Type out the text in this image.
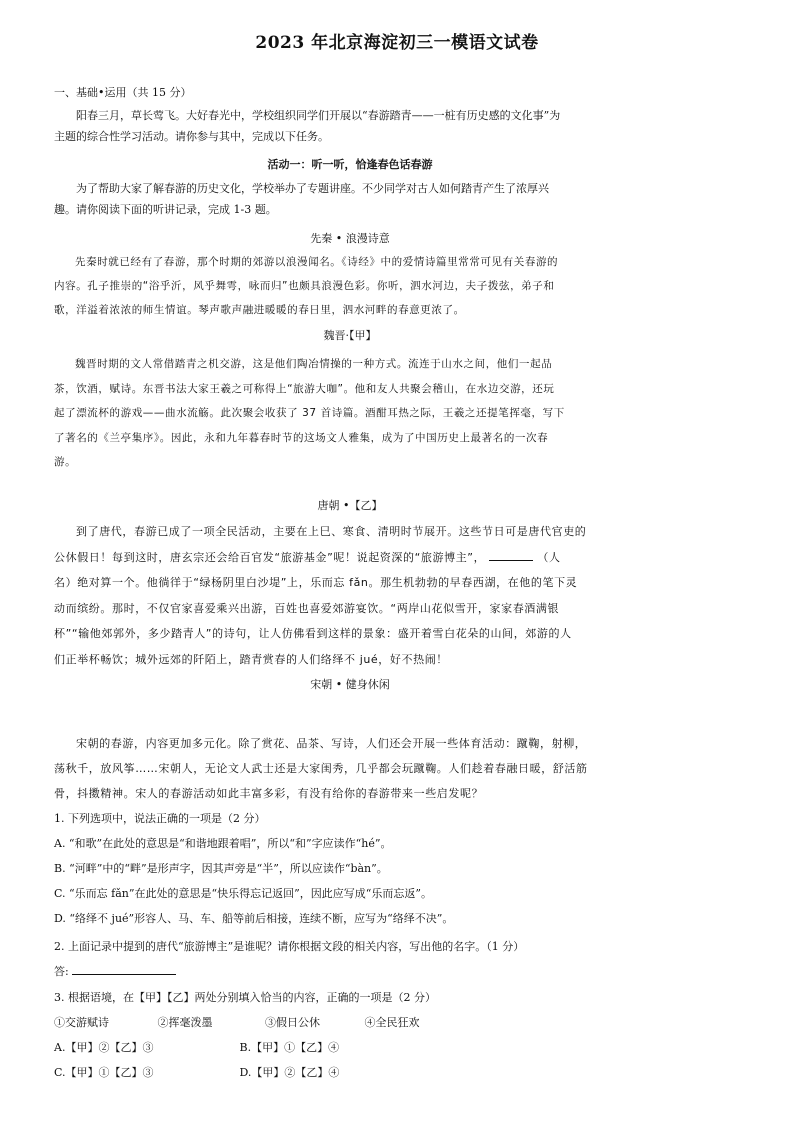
2023 年北京海淀初三一模语文试卷
一、基础•运用（共 15 分）
阳春三月，草长莺飞。大好春光中，学校组织同学们开展以“春游踏青——一桩有历史感的文化事”为
主题的综合性学习活动。请你参与其中，完成以下任务。
活动一：听一听，恰逢春色话春游
为了帮助大家了解春游的历史文化，学校举办了专题讲座。不少同学对古人如何踏青产生了浓厚兴
趣。请你阅读下面的听讲记录，完成 1-3 题。
先秦 • 浪漫诗意
先秦时就已经有了春游，那个时期的郊游以浪漫闻名。《诗经》中的爱情诗篇里常常可见有关春游的
内容。孔子推崇的“浴乎沂，风乎舞雩，咏而归”也颇具浪漫色彩。你听，泗水河边，夫子拨弦，弟子和
歌，洋溢着浓浓的师生情谊。琴声歌声融进暖暖的春日里，泗水河畔的春意更浓了。
魏晋·【甲】
魏晋时期的文人常借踏青之机交游，这是他们陶冶情操的一种方式。流连于山水之间，他们一起品
茶，饮酒，赋诗。东晋书法大家王羲之可称得上“旅游大咖”。他和友人共聚会稽山，在水边交游，还玩
起了漂流杯的游戏——曲水流觞。此次聚会收获了 37 首诗篇。酒酣耳热之际，王羲之还提笔挥毫，写下
了著名的《兰亭集序》。因此，永和九年暮春时节的这场文人雅集，成为了中国历史上最著名的一次春
游。
唐朝 •【乙】
到了唐代，春游已成了一项全民活动，主要在上巳、寒食、清明时节展开。这些节日可是唐代官吏的
公休假日！每到这时，唐玄宗还会给百官发“旅游基金”呢！说起资深的“旅游博主”，	（人
名）绝对算一个。他徜徉于“绿杨阴里白沙堤”上，乐而忘 fǎn。那生机勃勃的早春西湖，在他的笔下灵
动而缤纷。那时，不仅官家喜爱乘兴出游，百姓也喜爱郊游宴饮。“两岸山花似雪开，家家春酒满银
杯”“输他郊郭外，多少踏青人”的诗句，让人仿佛看到这样的景象：盛开着雪白花朵的山间，郊游的人
们正举杯畅饮；城外远郊的阡陌上，踏青赏春的人们络绎不 jué，好不热闹！
宋朝 • 健身休闲
宋朝的春游，内容更加多元化。除了赏花、品茶、写诗，人们还会开展一些体育活动：蹴鞠，射柳，
荡秋千，放风筝……宋朝人，无论文人武士还是大家闺秀，几乎都会玩蹴鞠。人们趁着春融日暖，舒活筋
骨，抖擞精神。宋人的春游活动如此丰富多彩，有没有给你的春游带来一些启发呢？
1. 下列选项中，说法正确的一项是（2 分）
A. “和歌”在此处的意思是“和谐地跟着唱”，所以“和”字应读作“hé”。
B. “河畔”中的“畔”是形声字，因其声旁是“半”，所以应读作“bàn”。
C. “乐而忘 fǎn”在此处的意思是“快乐得忘记返回”，因此应写成“乐而忘返”。
D. “络绎不 jué”形容人、马、车、船等前后相接，连续不断，应写为“络绎不决”。
2. 上面记录中提到的唐代“旅游博主”是谁呢？请你根据文段的相关内容，写出他的名字。（1 分）
答:
3. 根据语境，在【甲】【乙】两处分别填入恰当的内容，正确的一项是（2 分）
①交游赋诗	②挥毫泼墨	③假日公休	④全民狂欢
A.【甲】②【乙】③	B.【甲】①【乙】④
C.【甲】①【乙】③	D.【甲】②【乙】④
